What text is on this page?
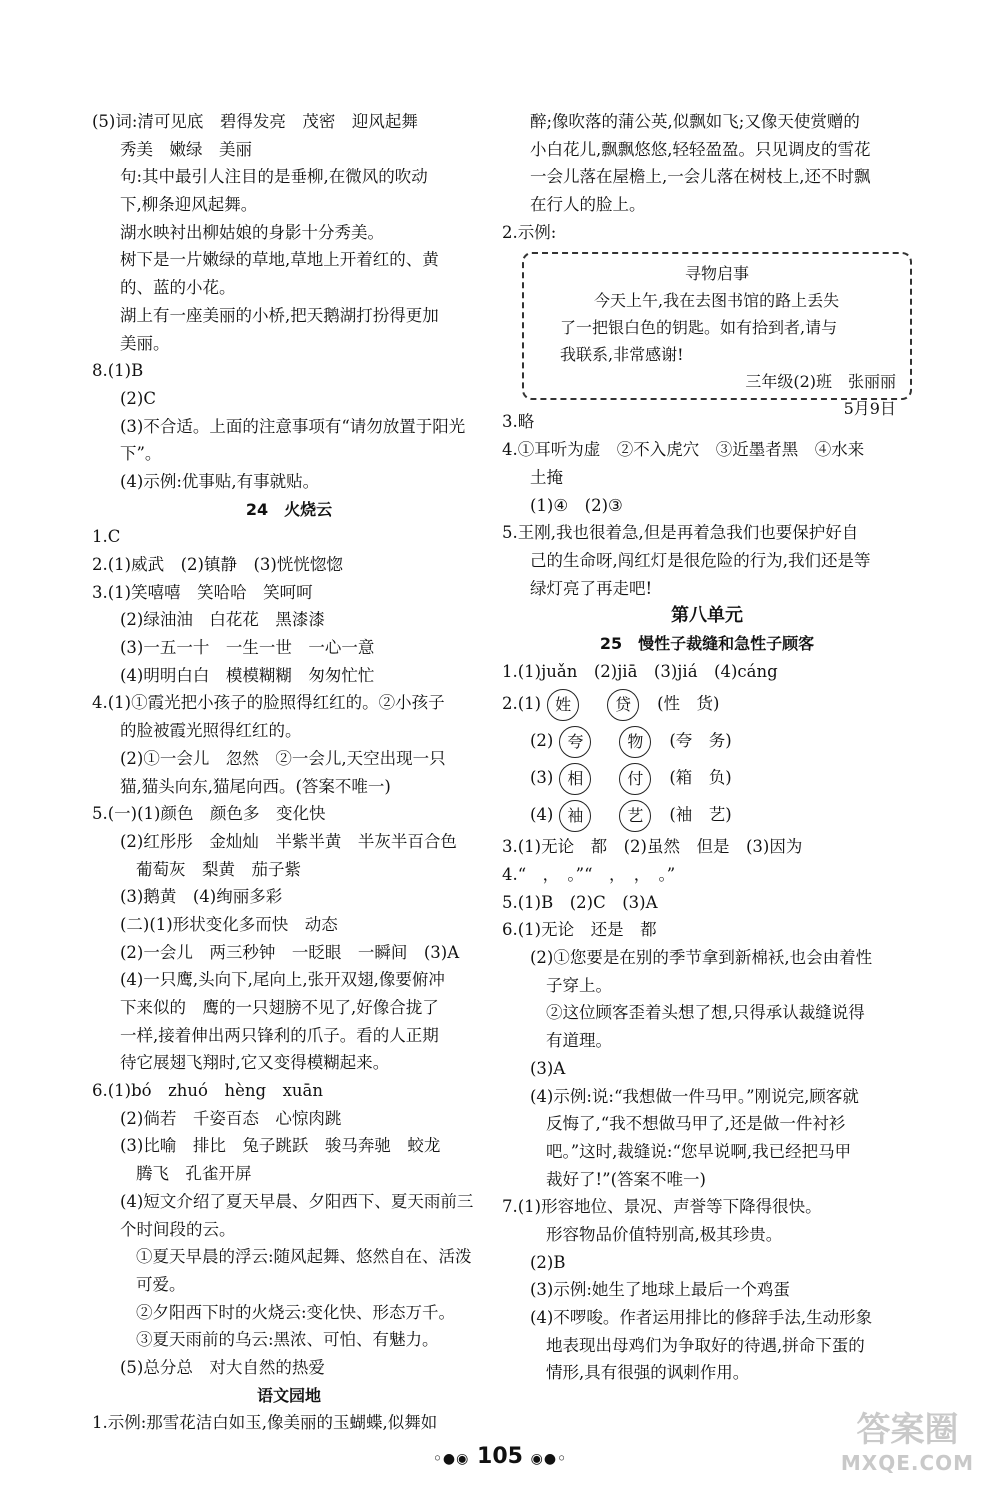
(5)词:清可见底　碧得发亮　茂密　迎风起舞
秀美　嫩绿　美丽
句:其中最引人注目的是垂柳,在微风的吹动
下,柳条迎风起舞。
湖水映衬出柳姑娘的身影十分秀美。
树下是一片嫩绿的草地,草地上开着红的、黄
的、蓝的小花。
湖上有一座美丽的小桥,把天鹅湖打扮得更加
美丽。
8.(1)B
(2)C
(3)不合适。上面的注意事项有“请勿放置于阳光
下”。
(4)示例:优事贴,有事就贴。
24　火烧云
1.C
2.(1)威武　(2)镇静　(3)恍恍惚惚
3.(1)笑嘻嘻　笑哈哈　笑呵呵
(2)绿油油　白花花　黑漆漆
(3)一五一十　一生一世　一心一意
(4)明明白白　模模糊糊　匆匆忙忙
4.(1)①霞光把小孩子的脸照得红红的。②小孩子
的脸被霞光照得红红的。
(2)①一会儿　忽然　②一会儿,天空出现一只
猫,猫头向东,猫尾向西。(答案不唯一)
5.(一)(1)颜色　颜色多　变化快
(2)红彤彤　金灿灿　半紫半黄　半灰半百合色
葡萄灰　梨黄　茄子紫
(3)鹅黄　(4)绚丽多彩
(二)(1)形状变化多而快　动态
(2)一会儿　两三秒钟　一眨眼　一瞬间　(3)A
(4)一只鹰,头向下,尾向上,张开双翅,像要俯冲
下来似的　鹰的一只翅膀不见了,好像合拢了
一样,接着伸出两只锋利的爪子。看的人正期
待它展翅飞翔时,它又变得模糊起来。
6.(1)bó　zhuó　hèng　xuān
(2)倘若　千姿百态　心惊肉跳
(3)比喻　排比　兔子跳跃　骏马奔驰　蛟龙
腾飞　孔雀开屏
(4)短文介绍了夏天早晨、夕阳西下、夏天雨前三
个时间段的云。
①夏天早晨的浮云:随风起舞、悠然自在、活泼
可爱。
②夕阳西下时的火烧云:变化快、形态万千。
③夏天雨前的乌云:黑浓、可怕、有魅力。
(5)总分总　对大自然的热爱
语文园地
1.示例:那雪花洁白如玉,像美丽的玉蝴蝶,似舞如
醉;像吹落的蒲公英,似飘如飞;又像天使赏赠的
小白花儿,飘飘悠悠,轻轻盈盈。只见调皮的雪花
一会儿落在屋檐上,一会儿落在树枝上,还不时飘
在行人的脸上。
2.示例:
寻物启事
今天上午,我在去图书馆的路上丢失
了一把银白色的钥匙。如有拾到者,请与
我联系,非常感谢!
三年级(2)班　张丽丽
5月9日
3.略
4.①耳听为虚　②不入虎穴　③近墨者黑　④水来
土掩
(1)④　(2)③
5.王刚,我也很着急,但是再着急我们也要保护好自
己的生命呀,闯红灯是很危险的行为,我们还是等
绿灯亮了再走吧!
第八单元
25　慢性子裁缝和急性子顾客
1.(1)juǎn　(2)jiā　(3)jiá　(4)cáng
2.(1) 姓	贷 (性　货)
(2) 夸	物 (夸　务)
(3) 相	付 (箱　负)
(4) 袖	艺 (袖　艺)
3.(1)无论　都　(2)虽然　但是　(3)因为
4.“　，　。”“　，　，　。”
5.(1)B　(2)C　(3)A
6.(1)无论　还是　都
(2)①您要是在别的季节拿到新棉袄,也会由着性
子穿上。
②这位顾客歪着头想了想,只得承认裁缝说得
有道理。
(3)A
(4)示例:说:“我想做一件马甲。”刚说完,顾客就
反悔了,“我不想做马甲了,还是做一件衬衫
吧。”这时,裁缝说:“您早说啊,我已经把马甲
裁好了!”(答案不唯一)
7.(1)形容地位、景况、声誉等下降得很快。
形容物品价值特别高,极其珍贵。
(2)B
(3)示例:她生了地球上最后一个鸡蛋
(4)不啰唆。作者运用排比的修辞手法,生动形象
地表现出母鸡们为争取好的待遇,拼命下蛋的
情形,具有很强的讽刺作用。
◦●◉ 105 ◉●◦
答案圈
MXQE.COM
